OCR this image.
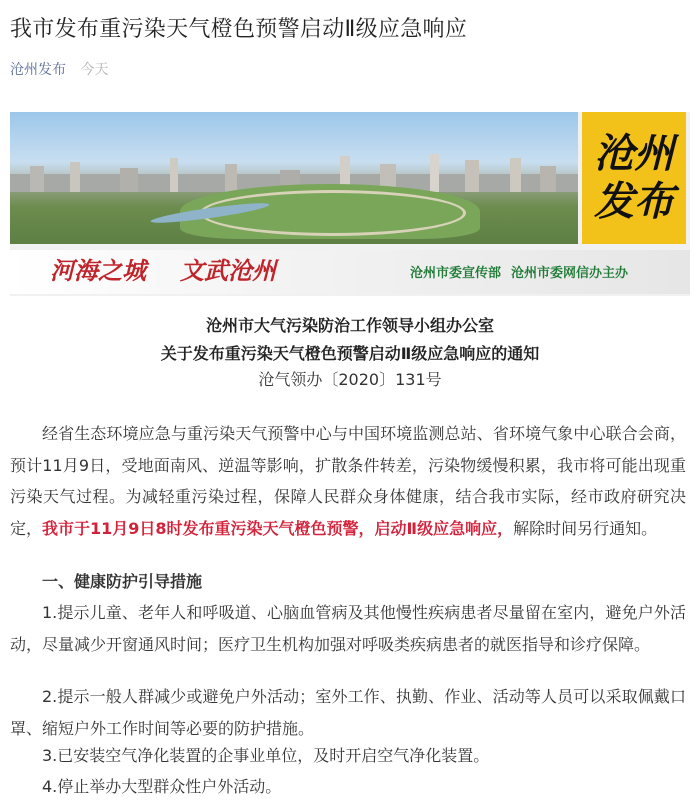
我市发布重污染天气橙色预警启动Ⅱ级应急响应
沧州发布 今天
沧州
发布
河海之城 文武沧州	沧州市委宣传部 沧州市委网信办主办
沧州市大气污染防治工作领导小组办公室
关于发布重污染天气橙色预警启动Ⅱ级应急响应的通知
沧气领办〔2020〕131号
经省生态环境应急与重污染天气预警中心与中国环境监测总站、省环境气象中心联合会商，预计11月9日，受地面南风、逆温等影响，扩散条件转差，污染物缓慢积累，我市将可能出现重污染天气过程。为减轻重污染过程，保障人民群众身体健康，结合我市实际，经市政府研究决定，我市于11月9日8时发布重污染天气橙色预警，启动Ⅱ级应急响应，解除时间另行通知。
一、健康防护引导措施
1.提示儿童、老年人和呼吸道、心脑血管病及其他慢性疾病患者尽量留在室内，避免户外活动，尽量减少开窗通风时间；医疗卫生机构加强对呼吸类疾病患者的就医指导和诊疗保障。
2.提示一般人群减少或避免户外活动；室外工作、执勤、作业、活动等人员可以采取佩戴口罩、缩短户外工作时间等必要的防护措施。
3.已安装空气净化装置的企事业单位，及时开启空气净化装置。
4.停止举办大型群众性户外活动。
